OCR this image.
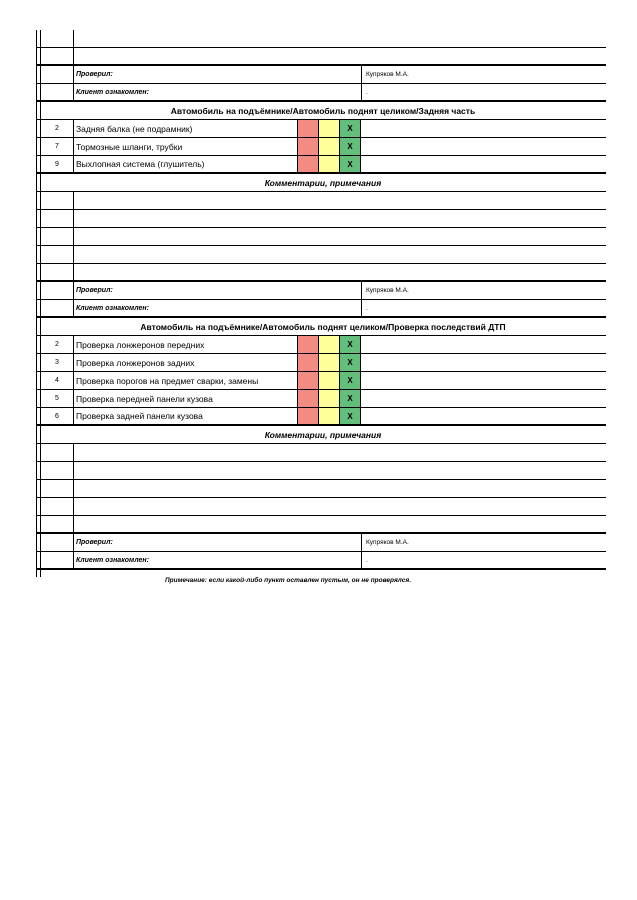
Проверил:	Купряков М.А.
Клиент ознакомлен:	.
Автомобиль на подъёмнике/Автомобиль поднят целиком/Задняя часть
2	Задняя балка (не подрамник)	X
7	Тормозные шланги, трубки	X
9	Выхлопная система (глушитель)	X
Комментарии, примечания
Проверил:	Купряков М.А.
Клиент ознакомлен:	.
Автомобиль на подъёмнике/Автомобиль поднят целиком/Проверка последствий ДТП
2	Проверка лонжеронов передних	X
3	Проверка лонжеронов задних	X
4	Проверка порогов на предмет сварки, замены	X
5	Проверка передней панели кузова	X
6	Проверка задней панели кузова	X
Комментарии, примечания
Проверил:	Купряков М.А.
Клиент ознакомлен:	.
Примечание: если какой-либо пункт оставлен пустым, он не проверялся.
